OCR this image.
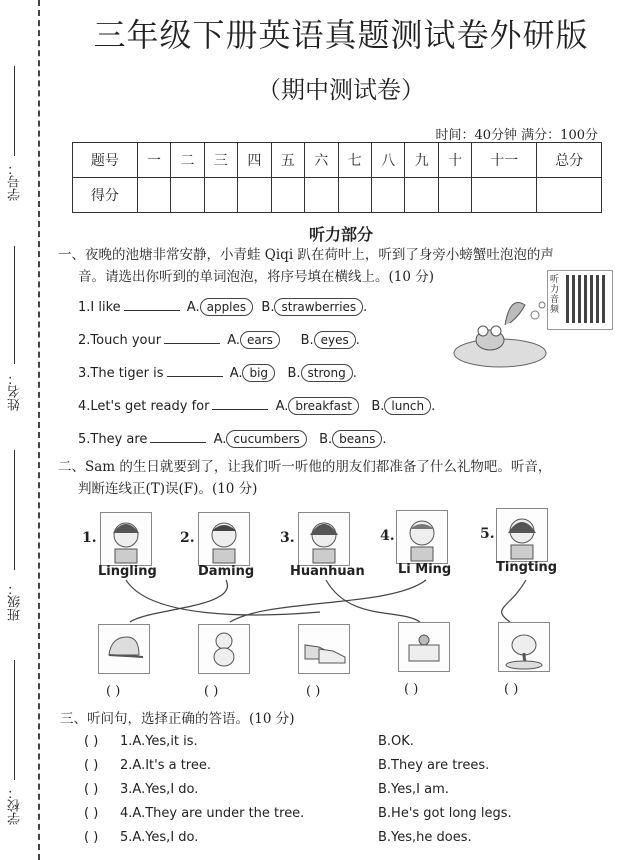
学号：
姓名：
班级：
学校：
三年级下册英语真题测试卷外研版
（期中测试卷）
时间：40分钟 满分：100分
题号	一	二	三	四	五	六	七	八	九	十	十一	总分
得分												
听力部分
一、夜晚的池塘非常安静，小青蛙 Qiqi 趴在荷叶上，听到了身旁小螃蟹吐泡泡的声
音。请选出你听到的单词泡泡，将序号填在横线上。(10 分)	听力音频
1.I like	A. apples B. strawberries .
2.Touch your	A. ears B. eyes .
3.The tiger is	A. big B. strong .
4.Let's get ready for	A. breakfast B. lunch .
5.They are	A. cucumbers B. beans .
二、Sam 的生日就要到了，让我们听一听他的朋友们都准备了什么礼物吧。听音，
判断连线正(T)误(F)。(10 分)
1.
Lingling
2.
Daming
3.
Huanhuan
4.
Li Ming
5.
Tingting
( )	( )	( )	( )	( )
三、听问句，选择正确的答语。(10 分)
( ) 1.A.Yes,it is.	B.OK.
( ) 2.A.It's a tree.	B.They are trees.
( ) 3.A.Yes,I do.	B.Yes,I am.
( ) 4.A.They are under the tree.	B.He's got long legs.
( ) 5.A.Yes,I do.	B.Yes,he does.
